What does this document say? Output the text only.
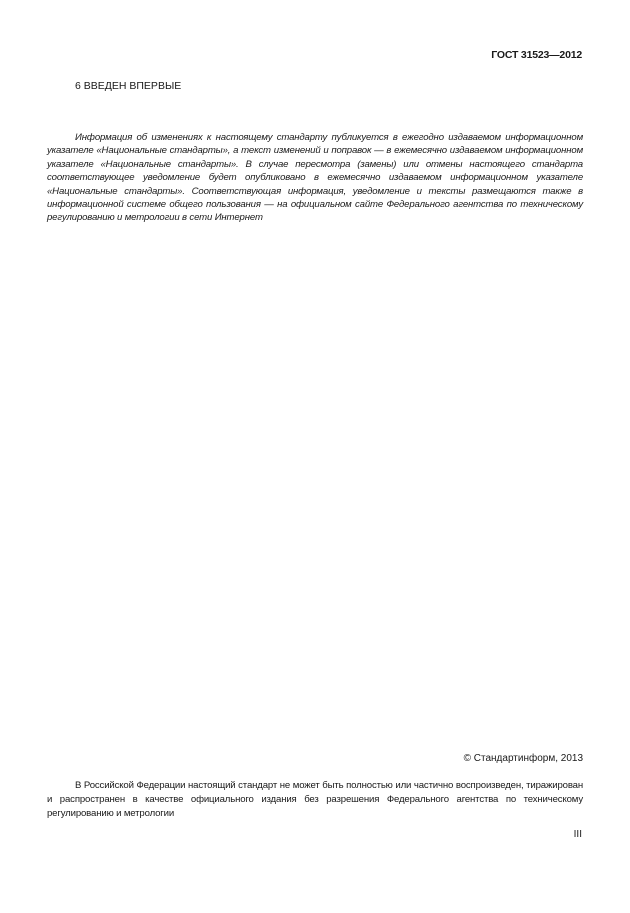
ГОСТ 31523—2012
6 ВВЕДЕН ВПЕРВЫЕ

Информация об изменениях к настоящему стандарту публикуется в ежегодно издаваемом информационном указателе «Национальные стандарты», а текст изменений и поправок — в ежемесячно издаваемом информационном указателе «Национальные стандарты». В случае пересмотра (замены) или отмены настоящего стандарта соответствующее уведомление будет опубликовано в ежемесячно издаваемом информационном указателе «Национальные стандарты». Соответствующая информация, уведомление и тексты размещаются также в информационной системе общего пользования — на официальном сайте Федерального агентства по техническому регулированию и метрологии в сети Интернет

© Стандартинформ, 2013

В Российской Федерации настоящий стандарт не может быть полностью или частично воспроизведен, тиражирован и распространен в качестве официального издания без разрешения Федерального агентства по техническому регулированию и метрологии

III
